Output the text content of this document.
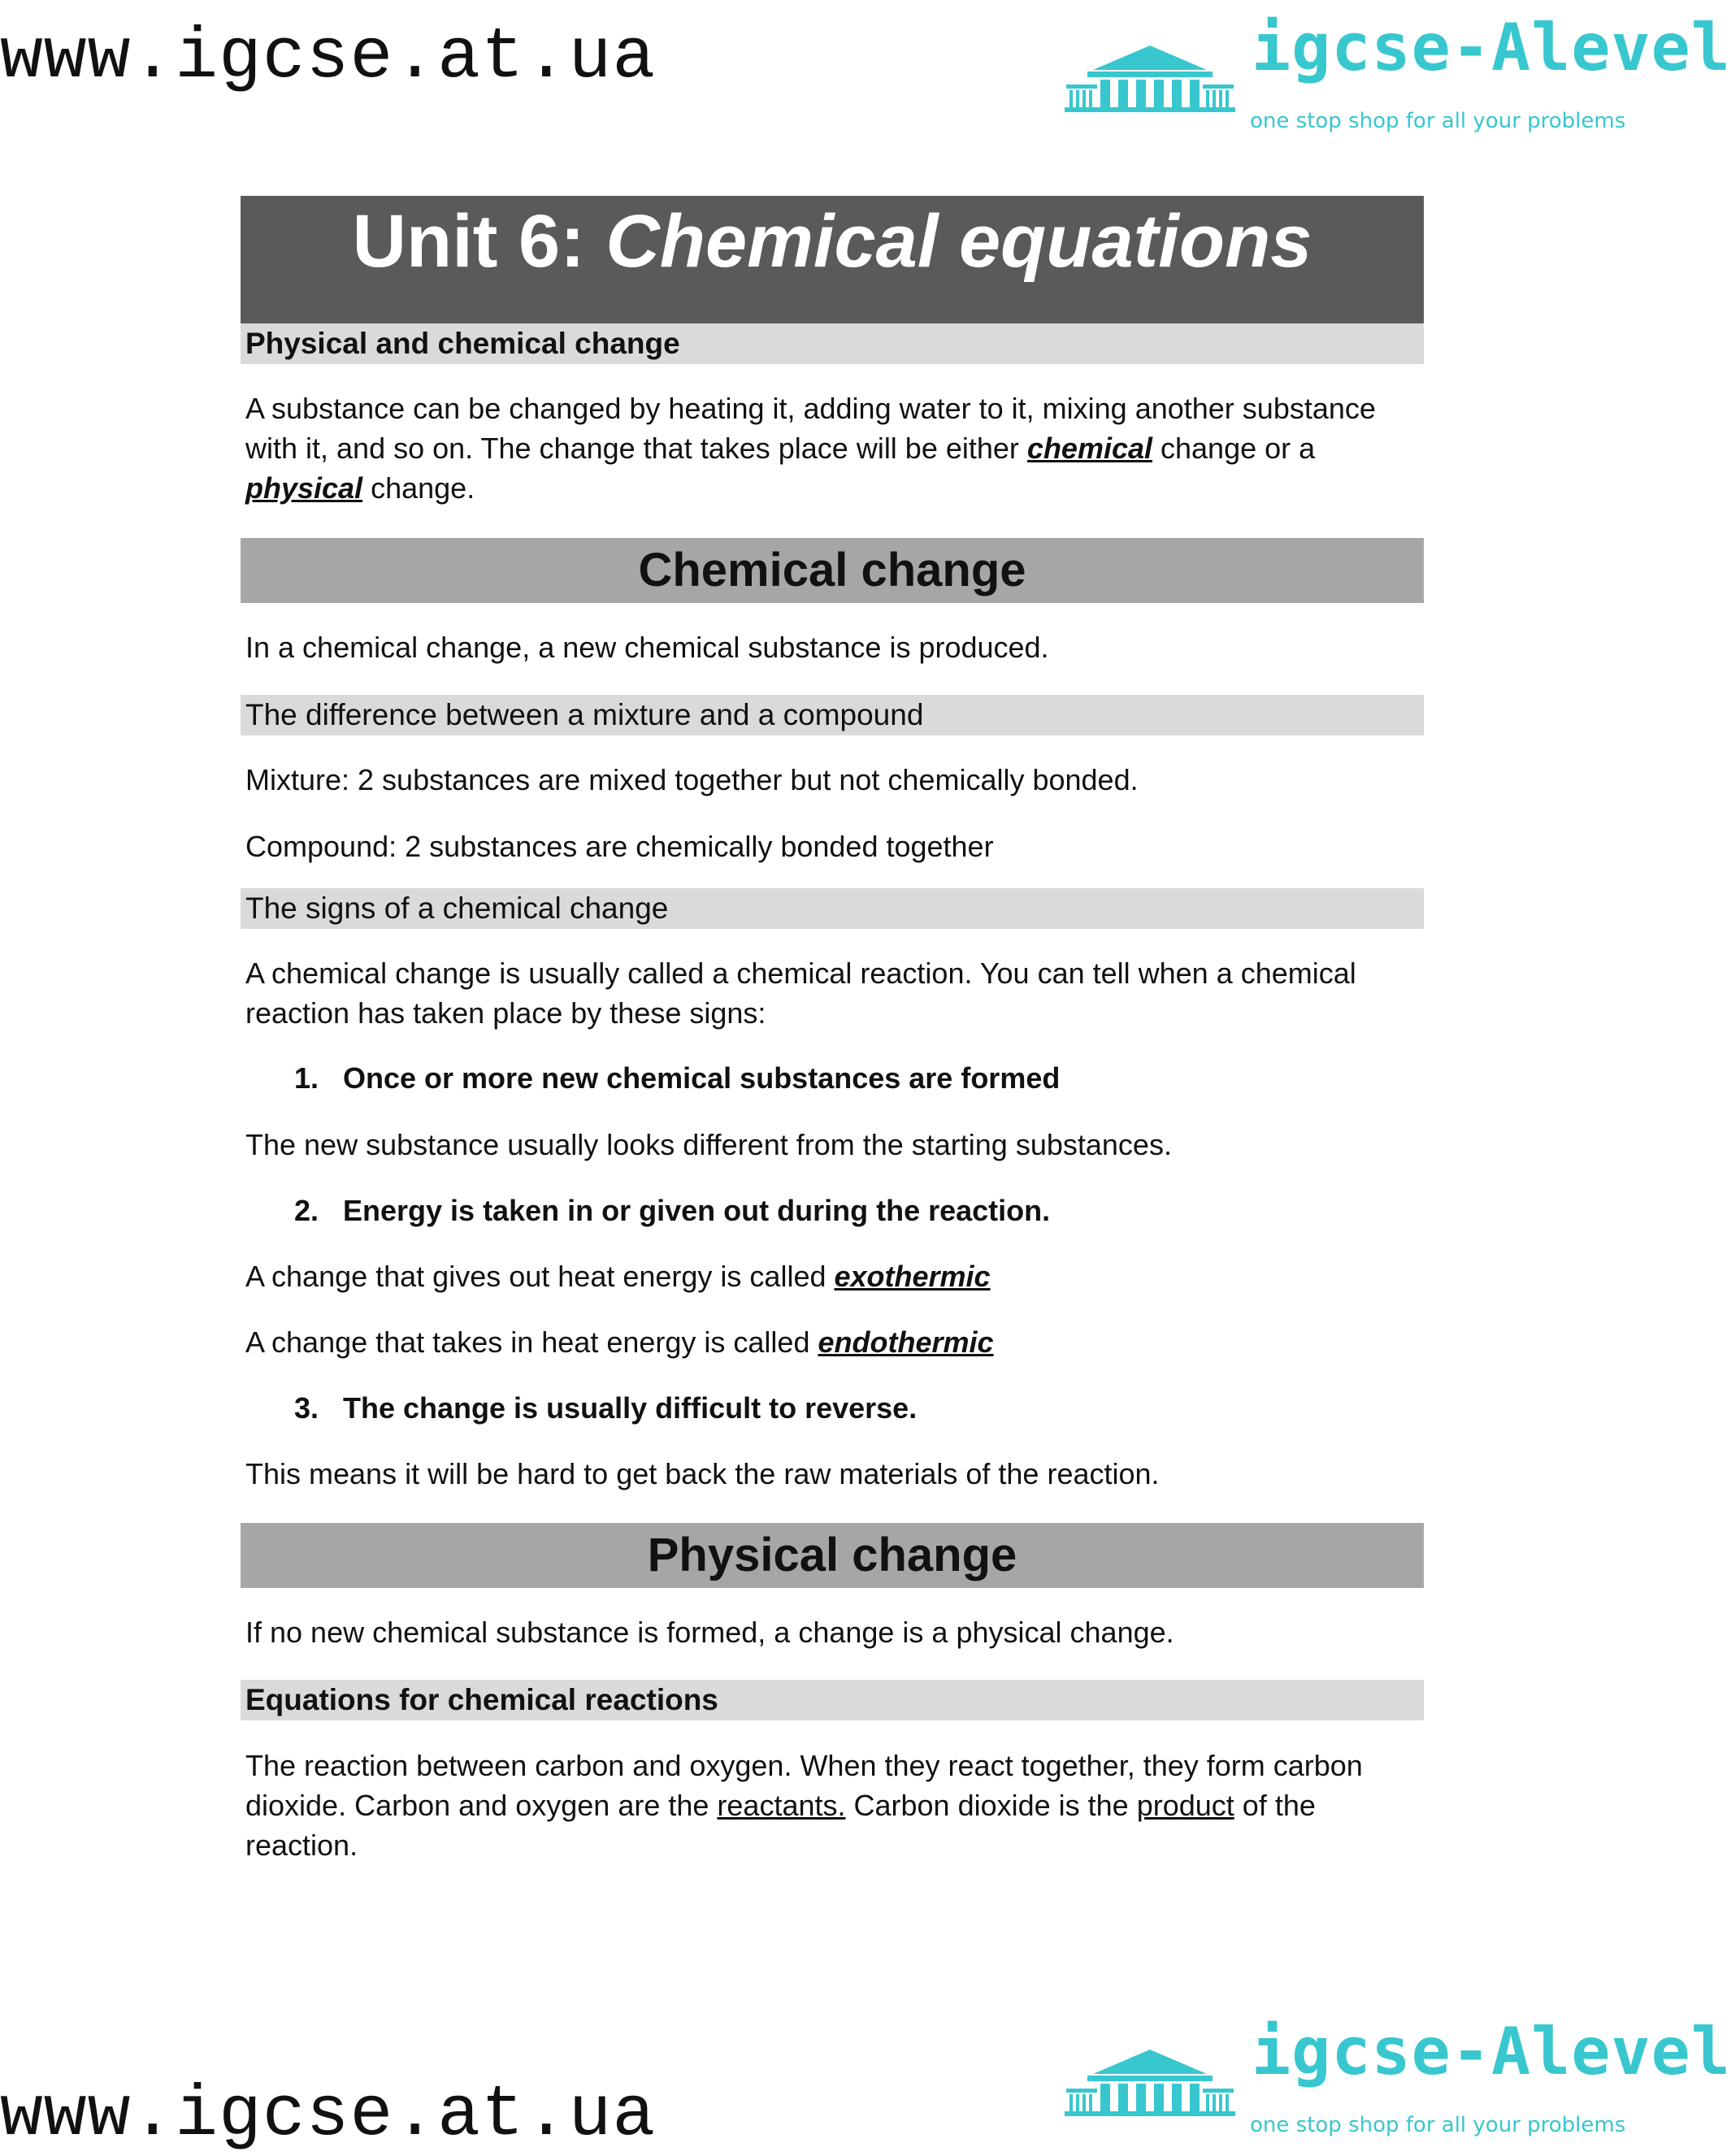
www.igcse.at.ua	igcse-Alevel
one stop shop for all your problems
Unit 6: Chemical equations
Physical and chemical change

A substance can be changed by heating it, adding water to it, mixing another substance with it, and so on. The change that takes place will be either chemical change or a physical change.

Chemical change

In a chemical change, a new chemical substance is produced.

The difference between a mixture and a compound

Mixture: 2 substances are mixed together but not chemically bonded.

Compound: 2 substances are chemically bonded together

The signs of a chemical change

A chemical change is usually called a chemical reaction. You can tell when a chemical reaction has taken place by these signs:

1. Once or more new chemical substances are formed

The new substance usually looks different from the starting substances.

2. Energy is taken in or given out during the reaction.

A change that gives out heat energy is called exothermic

A change that takes in heat energy is called endothermic

3. The change is usually difficult to reverse.

This means it will be hard to get back the raw materials of the reaction.

Physical change

If no new chemical substance is formed, a change is a physical change.

Equations for chemical reactions

The reaction between carbon and oxygen. When they react together, they form carbon dioxide. Carbon and oxygen are the reactants. Carbon dioxide is the product of the reaction.

www.igcse.at.ua
igcse-Alevel
one stop shop for all your problems
